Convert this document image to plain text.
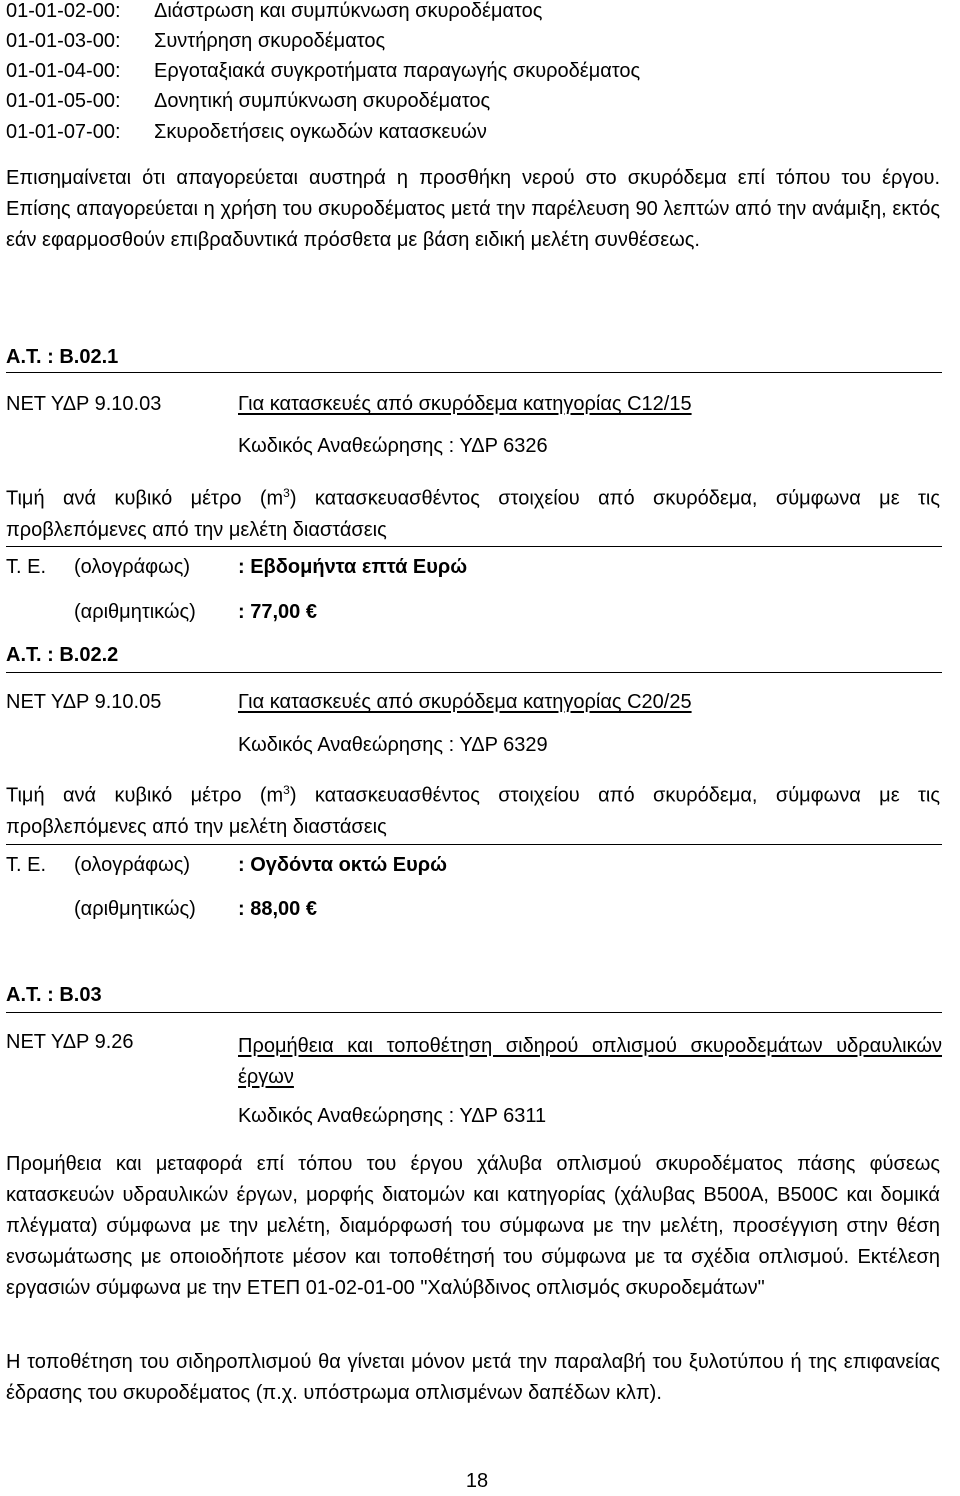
01-01-02-00: Διάστρωση και συμπύκνωση σκυροδέματος
01-01-03-00: Συντήρηση σκυροδέματος
01-01-04-00: Εργοταξιακά συγκροτήματα παραγωγής σκυροδέματος
01-01-05-00: Δονητική συμπύκνωση σκυροδέματος
01-01-07-00: Σκυροδετήσεις ογκωδών κατασκευών
Επισημαίνεται ότι απαγορεύεται αυστηρά η προσθήκη νερού στο σκυρόδεμα επί τόπου του έργου. Επίσης απαγορεύεται η χρήση του σκυροδέματος μετά την παρέλευση 90 λεπτών από την ανάμιξη, εκτός εάν εφαρμοσθούν επιβραδυντικά πρόσθετα με βάση ειδική μελέτη συνθέσεως.
Α.Τ. : Β.02.1
ΝΕΤ ΥΔΡ 9.10.03	Για κατασκευές από σκυρόδεμα κατηγορίας C12/15
Κωδικός Αναθεώρησης : ΥΔΡ 6326
Τιμή ανά κυβικό μέτρο $(m^3)$ κατασκευασθέντος στοιχείου από σκυρόδεμα, σύμφωνα με τις προβλεπόμενες από την μελέτη διαστάσεις
Τ. Ε. (ολογράφως) : Εβδομήντα επτά Ευρώ
(αριθμητικώς) : 77,00 €
Α.Τ. : Β.02.2
ΝΕΤ ΥΔΡ 9.10.05	Για κατασκευές από σκυρόδεμα κατηγορίας C20/25
Κωδικός Αναθεώρησης : ΥΔΡ 6329
Τιμή ανά κυβικό μέτρο $(m^3)$ κατασκευασθέντος στοιχείου από σκυρόδεμα, σύμφωνα με τις προβλεπόμενες από την μελέτη διαστάσεις
Τ. Ε. (ολογράφως) : Ογδόντα οκτώ Ευρώ
(αριθμητικώς) : 88,00 €
Α.Τ. : Β.03
ΝΕΤ ΥΔΡ 9.26	Προμήθεια και τοποθέτηση σιδηρού οπλισμού σκυροδεμάτων υδραυλικών έργων
Κωδικός Αναθεώρησης : ΥΔΡ 6311
Προμήθεια και μεταφορά επί τόπου του έργου χάλυβα οπλισμού σκυροδέματος πάσης φύσεως κατασκευών υδραυλικών έργων, μορφής διατομών και κατηγορίας (χάλυβας Β500Α, Β500C και δομικά πλέγματα) σύμφωνα με την μελέτη, διαμόρφωσή του σύμφωνα με την μελέτη, προσέγγιση στην θέση ενσωμάτωσης με οποιοδήποτε μέσον και τοποθέτησή του σύμφωνα με τα σχέδια οπλισμού. Εκτέλεση εργασιών σύμφωνα με την ΕΤΕΠ 01-02-01-00 "Χαλύβδινος οπλισμός σκυροδεμάτων"
Η τοποθέτηση του σιδηροπλισμού θα γίνεται μόνον μετά την παραλαβή του ξυλοτύπου ή της επιφανείας έδρασης του σκυροδέματος (π.χ. υπόστρωμα οπλισμένων δαπέδων κλπ).
18
